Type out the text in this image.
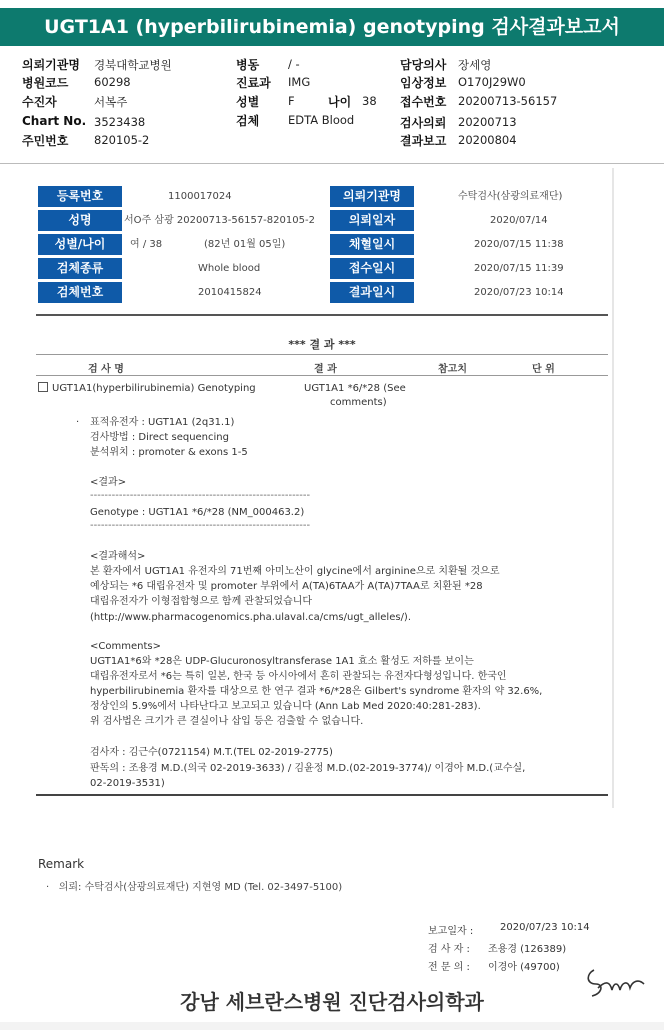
UGT1A1 (hyperbilirubinemia) genotyping 검사결과보고서
의뢰기관명 경북대학교병원
병원코드 60298
수진자	서복주
Chart No. 3523438
주민번호 820105-2
병동	/ -
진료과 IMG
성별	F
검체	EDTA Blood
나이 38
담당의사 장세영
임상정보 O170J29W0
접수번호 20200713-56157
검사의뢰 20200713
결과보고 20200804
등록번호	1100017024	의뢰기관명	수탁검사(삼광의료재단)
성명	서O주 삼광 20200713-56157-820105-2	의뢰일자	2020/07/14
성별/나이	여 / 38	(82년 01월 05일)	채혈일시	2020/07/15 11:38
검체종류	Whole blood	접수일시	2020/07/15 11:39
검체번호	2010415824	결과일시	2020/07/23 10:14
*** 결 과 ***
검 사 명	결 과	참고치	단 위
UGT1A1(hyperbilirubinemia) Genotyping	UGT1A1 *6/*28 (See
comments)
· 표적유전자 : UGT1A1 (2q31.1)
검사방법 : Direct sequencing
분석위치 : promoter & exons 1-5
<결과>
-------------------------------------------------------------
Genotype : UGT1A1 *6/*28 (NM_000463.2)
-------------------------------------------------------------
<결과해석>
본 환자에서 UGT1A1 유전자의 71번째 아미노산이 glycine에서 arginine으로 치환될 것으로
예상되는 *6 대립유전자 및 promoter 부위에서 A(TA)6TAA가 A(TA)7TAA로 치환된 *28
대립유전자가 이형접합형으로 함께 관찰되었습니다
(http://www.pharmacogenomics.pha.ulaval.ca/cms/ugt_alleles/).
<Comments>
UGT1A1*6와 *28은 UDP-Glucuronosyltransferase 1A1 효소 활성도 저하를 보이는
대립유전자로서 *6는 특히 일본, 한국 등 아시아에서 흔히 관찰되는 유전자다형성입니다. 한국인
hyperbilirubinemia 환자를 대상으로 한 연구 결과 *6/*28은 Gilbert's syndrome 환자의 약 32.6%,
정상인의 5.9%에서 나타난다고 보고되고 있습니다 (Ann Lab Med 2020:40:281-283).
위 검사법은 크기가 큰 결실이나 삽입 등은 검출할 수 없습니다.
검사자 : 김근수(0721154) M.T.(TEL 02-2019-2775)
판독의 : 조용경 M.D.(의국 02-2019-3633) / 김윤정 M.D.(02-2019-3774)/ 이경아 M.D.(교수실,
02-2019-3531)
Remark
·   의뢰: 수탁검사(삼광의료재단) 지현영 MD (Tel. 02-3497-5100)
보고일자 :	2020/07/23 10:14
검 사 자 : 조용경 (126389)
전 문 의 : 이경아 (49700)
강남 세브란스병원 진단검사의학과
